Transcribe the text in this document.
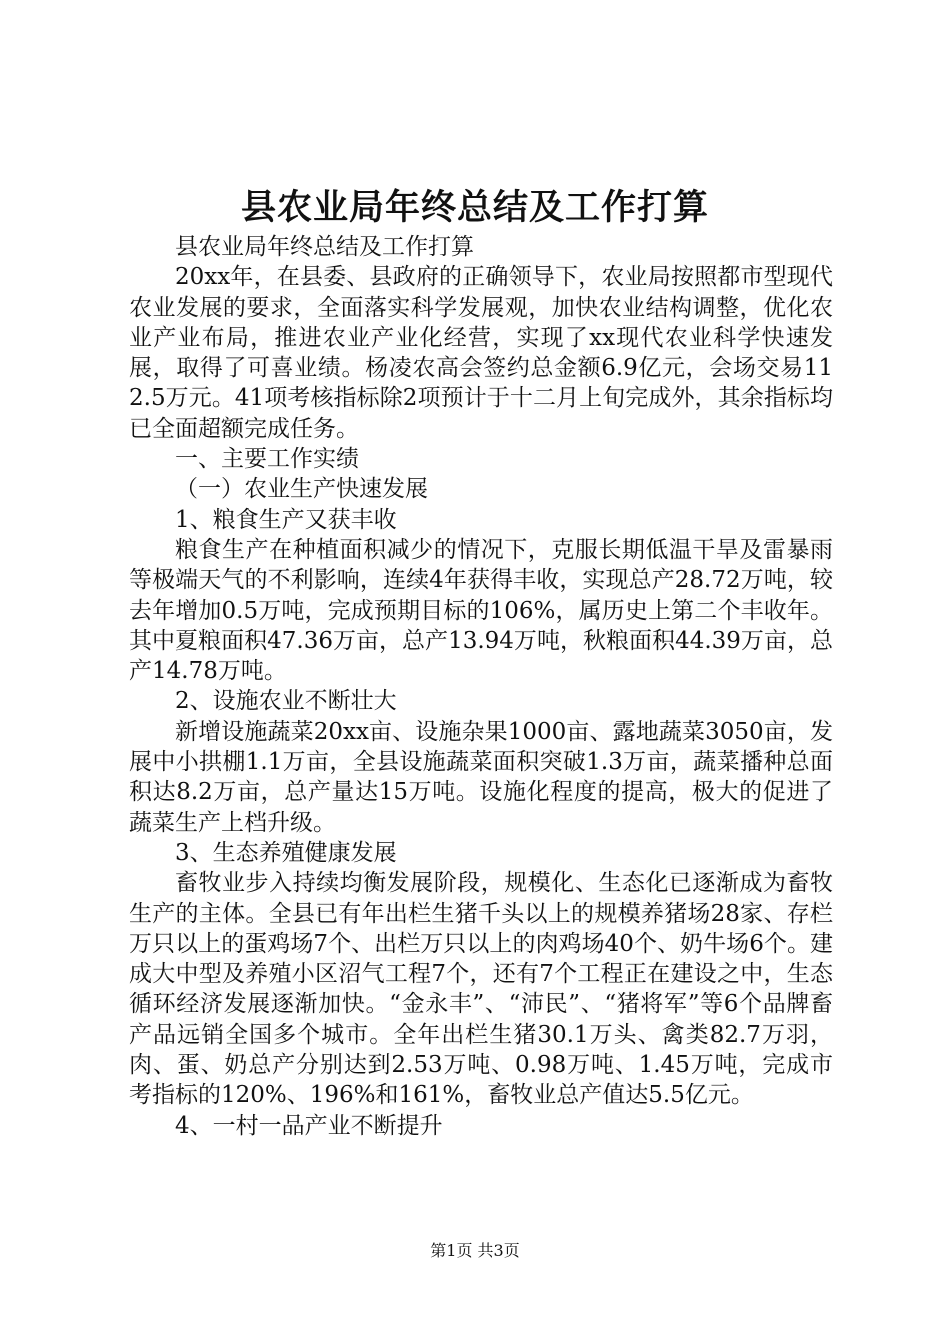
县农业局年终总结及工作打算

县农业局年终总结及工作打算

20xx年，在县委、县政府的正确领导下，农业局按照都市型现代农业发展的要求，全面落实科学发展观，加快农业结构调整，优化农业产业布局，推进农业产业化经营，实现了xx现代农业科学快速发展，取得了可喜业绩。杨凌农高会签约总金额6.9亿元，会场交易112.5万元。41项考核指标除2项预计于十二月上旬完成外，其余指标均已全面超额完成任务。

一、主要工作实绩

（一）农业生产快速发展

1、粮食生产又获丰收

粮食生产在种植面积减少的情况下，克服长期低温干旱及雷暴雨等极端天气的不利影响，连续4年获得丰收，实现总产28.72万吨，较去年增加0.5万吨，完成预期目标的106%，属历史上第二个丰收年。其中夏粮面积47.36万亩，总产13.94万吨，秋粮面积44.39万亩，总产14.78万吨。

2、设施农业不断壮大

新增设施蔬菜20xx亩、设施杂果1000亩、露地蔬菜3050亩，发展中小拱棚1.1万亩，全县设施蔬菜面积突破1.3万亩，蔬菜播种总面积达8.2万亩，总产量达15万吨。设施化程度的提高，极大的促进了蔬菜生产上档升级。

3、生态养殖健康发展

畜牧业步入持续均衡发展阶段，规模化、生态化已逐渐成为畜牧生产的主体。全县已有年出栏生猪千头以上的规模养猪场28家、存栏万只以上的蛋鸡场7个、出栏万只以上的肉鸡场40个、奶牛场6个。建成大中型及养殖小区沼气工程7个，还有7个工程正在建设之中，生态循环经济发展逐渐加快。“金永丰”、“沛民”、“猪将军”等6个品牌畜产品远销全国多个城市。全年出栏生猪30.1万头、禽类82.7万羽，肉、蛋、奶总产分别达到2.53万吨、0.98万吨、1.45万吨，完成市考指标的120%、196%和161%，畜牧业总产值达5.5亿元。

4、一村一品产业不断提升

第1页 共3页
